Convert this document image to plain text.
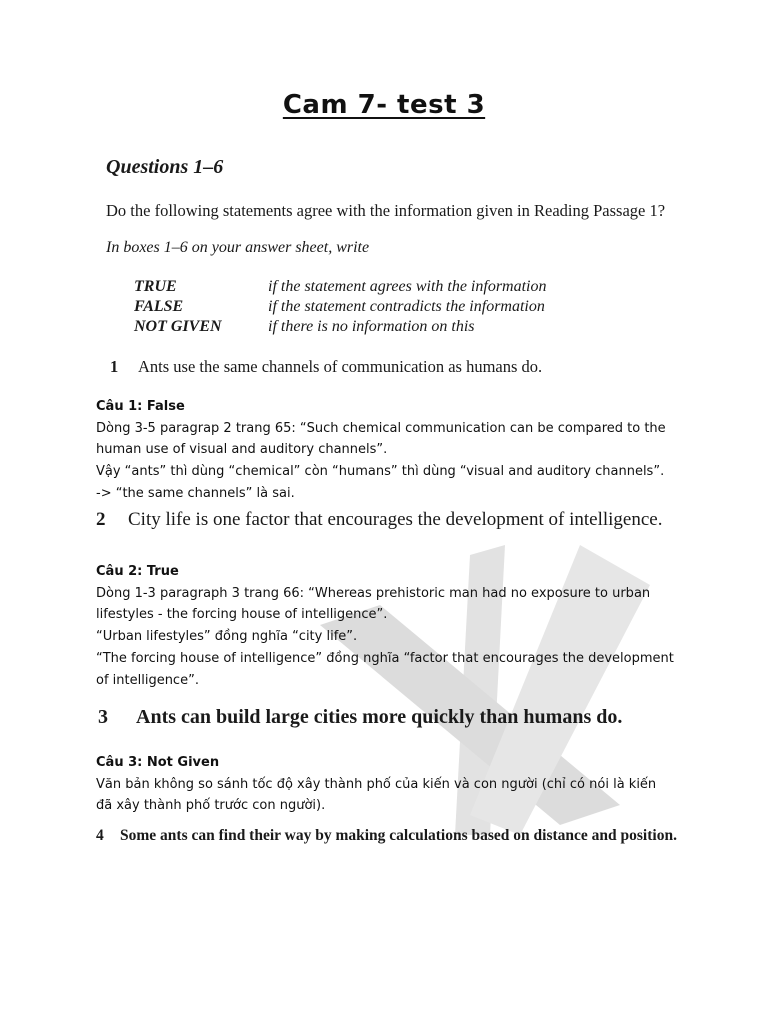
Cam 7- test 3
Questions 1–6
Do the following statements agree with the information given in Reading Passage 1?
In boxes 1–6 on your answer sheet, write
TRUE	if the statement agrees with the information
FALSE	if the statement contradicts the information
NOT GIVEN	if there is no information on this
1	Ants use the same channels of communication as humans do.

Câu 1: False

Dòng 3-5 paragrap 2 trang 65: “Such chemical communication can be compared to the human use of visual and auditory channels”.

Vậy “ants” thì dùng “chemical” còn “humans” thì dùng “visual and auditory channels”.

-> “the same channels” là sai.

2	City life is one factor that encourages the development of intelligence.

Câu 2: True

Dòng 1-3 paragraph 3 trang 66: “Whereas prehistoric man had no exposure to urban lifestyles - the forcing house of intelligence”.

“Urban lifestyles” đồng nghĩa “city life”.

“The forcing house of intelligence” đồng nghĩa “factor that encourages the development of intelligence”.

3	Ants can build large cities more quickly than humans do.

Câu 3: Not Given

Văn bản không so sánh tốc độ xây thành phố của kiến và con người (chỉ có nói là kiến đã xây thành phố trước con người).

4	Some ants can find their way by making calculations based on distance and position.
